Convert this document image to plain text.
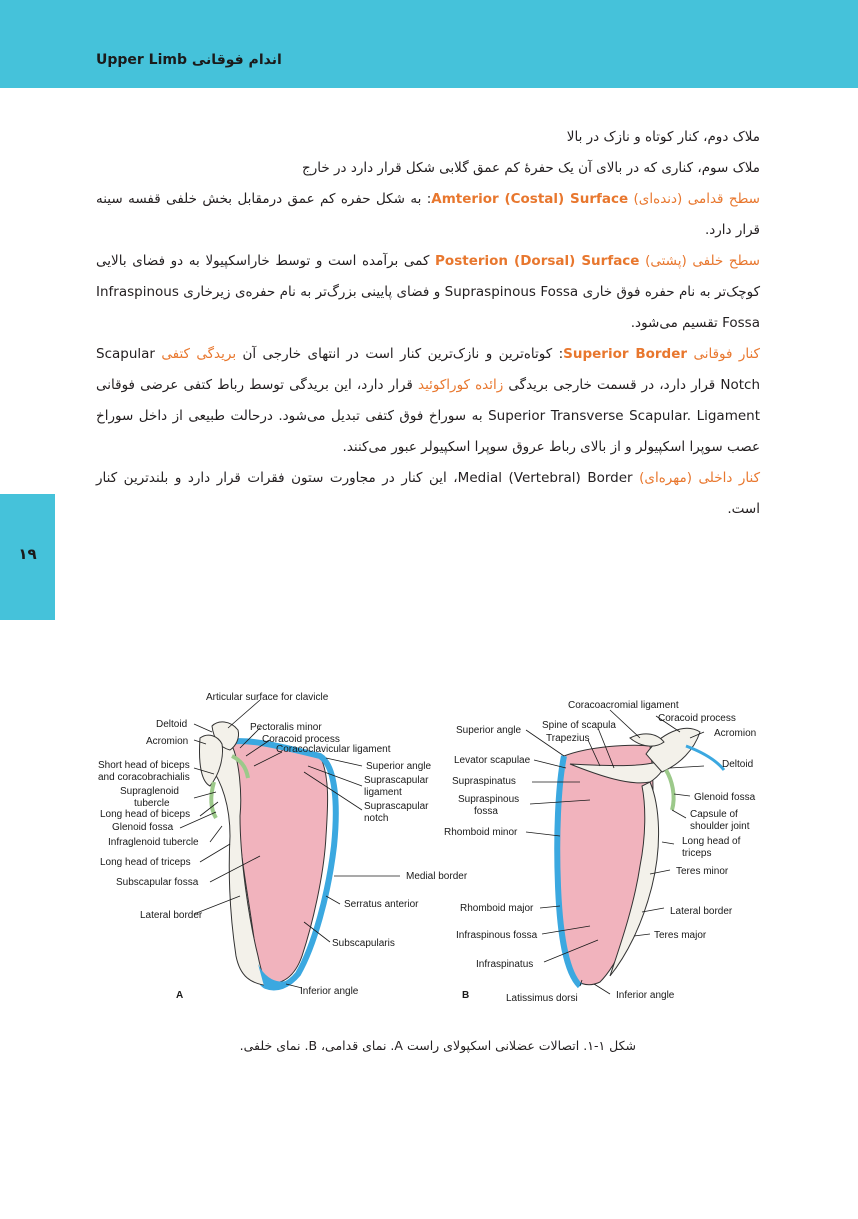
Upper Limb اندام فوقانی
۱۹

ملاک دوم، کنار کوتاه و نازک در بالا

ملاک سوم، کناری که در بالای آن یک حفرهٔ کم عمق گلابی شکل قرار دارد در خارج

سطح قدامی (دنده‌ای) Amterior (Costal) Surface: به شکل حفره کم عمق درمقابل بخش خلفی قفسه سینه قرار دارد.

سطح خلفی (پشتی) Posterion (Dorsal) Surface کمی برآمده است و توسط خاراسکپیولا به دو فضای بالایی کوچک‌تر به نام حفره فوق خاری Supraspinous Fossa و فضای پایینی بزرگ‌تر به نام حفره‌ی زیرخاری Infraspinous Fossa تقسیم می‌شود.

کنار فوقانی Superior Border: کوتاه‌ترین و نازک‌ترین کنار است در انتهای خارجی آن بریدگی کتفی Scapular Notch قرار دارد، در قسمت خارجی بریدگی زائده کوراکوئید قرار دارد، این بریدگی توسط رباط کتفی عرضی فوقانی Superior Transverse Scapular. Ligament به سوراخ فوق کتفی تبدیل می‌شود. درحالت طبیعی از داخل سوراخ عصب سوپرا اسکپیولر و از بالای رباط عروق سوپرا اسکپیولر عبور می‌کنند.

کنار داخلی (مهره‌ای) Medial (Vertebral) Border، این کنار در مجاورت ستون فقرات قرار دارد و بلندترین کنار است.

Articular surface for clavicle
Deltoid
Acromion
Pectoralis minor
Coracoid process
Coracoclavicular ligament
Short head of biceps
and coracobrachialis
Supraglenoid
tubercle
Long head of biceps
Glenoid fossa
Infraglenoid tubercle
Long head of triceps
Subscapular fossa
Lateral border
Superior angle
Suprascapular
ligament
Suprascapular
notch
Medial border
Serratus anterior
Subscapularis
Inferior angle
A
Coracoacromial ligament
Coracoid process
Acromion
Superior angle Spine of scapula
Trapezius
Levator scapulae	Deltoid
Supraspinatus
Supraspinous
fossa
Glenoid fossa
Capsule of
shoulder joint
Rhomboid minor
Long head of
triceps
Teres minor
Rhomboid major	Lateral border
Infraspinous fossa	Teres major
Infraspinatus
Latissimus dorsi	Inferior angle
B
شکل ۱-۱. اتصالات عضلانی اسکپولای راست A. نمای قدامی، B. نمای خلفی.
